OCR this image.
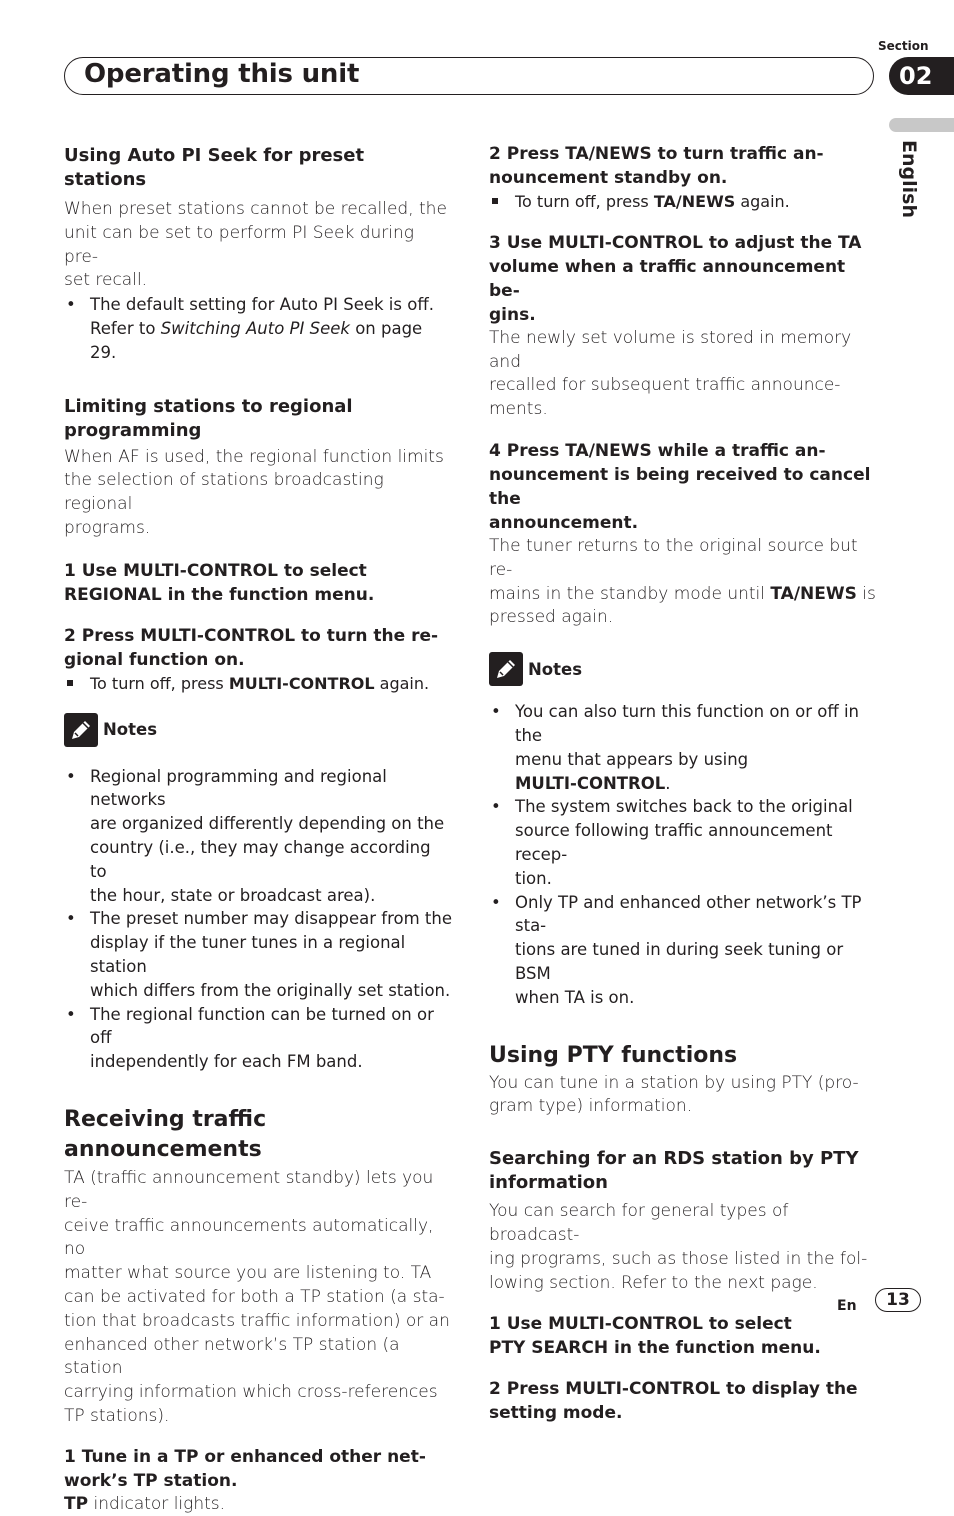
Section
Operating this unit	02
English

Using Auto PI Seek for preset stations

When preset stations cannot be recalled, the

unit can be set to perform PI Seek during pre-

set recall.

• The default setting for Auto PI Seek is off.
Refer to Switching Auto PI Seek on page 29.

Limiting stations to regional
programming

When AF is used, the regional function limits

the selection of stations broadcasting regional

programs.

1 Use MULTI-CONTROL to select
REGIONAL in the function menu.

2 Press MULTI-CONTROL to turn the re-
gional function on.

To turn off, press MULTI-CONTROL again.
Notes
• Regional programming and regional networks
are organized differently depending on the
country (i.e., they may change according to
the hour, state or broadcast area).
• The preset number may disappear from the
display if the tuner tunes in a regional station
which differs from the originally set station.
• The regional function can be turned on or off
independently for each FM band.

Receiving traffic announcements

TA (traffic announcement standby) lets you re-

ceive traffic announcements automatically, no

matter what source you are listening to. TA

can be activated for both a TP station (a sta-

tion that broadcasts traffic information) or an

enhanced other network’s TP station (a station

carrying information which cross-references

TP stations).

1 Tune in a TP or enhanced other net-
work’s TP station.

TP indicator lights.

2 Press TA/NEWS to turn traffic an-
nouncement standby on.

To turn off, press TA/NEWS again.

3 Use MULTI-CONTROL to adjust the TA
volume when a traffic announcement be-
gins.

The newly set volume is stored in memory and

recalled for subsequent traffic announce-

ments.

4 Press TA/NEWS while a traffic an-
nouncement is being received to cancel the
announcement.

The tuner returns to the original source but re-

mains in the standby mode until TA/NEWS is

pressed again.

Notes
• You can also turn this function on or off in the
menu that appears by using
MULTI-CONTROL.
• The system switches back to the original
source following traffic announcement recep-
tion.
• Only TP and enhanced other network’s TP sta-
tions are tuned in during seek tuning or BSM
when TA is on.

Using PTY functions

You can tune in a station by using PTY (pro-

gram type) information.

Searching for an RDS station by PTY
information

You can search for general types of broadcast-

ing programs, such as those listed in the fol-

lowing section. Refer to the next page.

1 Use MULTI-CONTROL to select
PTY SEARCH in the function menu.

2 Press MULTI-CONTROL to display the
setting mode.

En	13
